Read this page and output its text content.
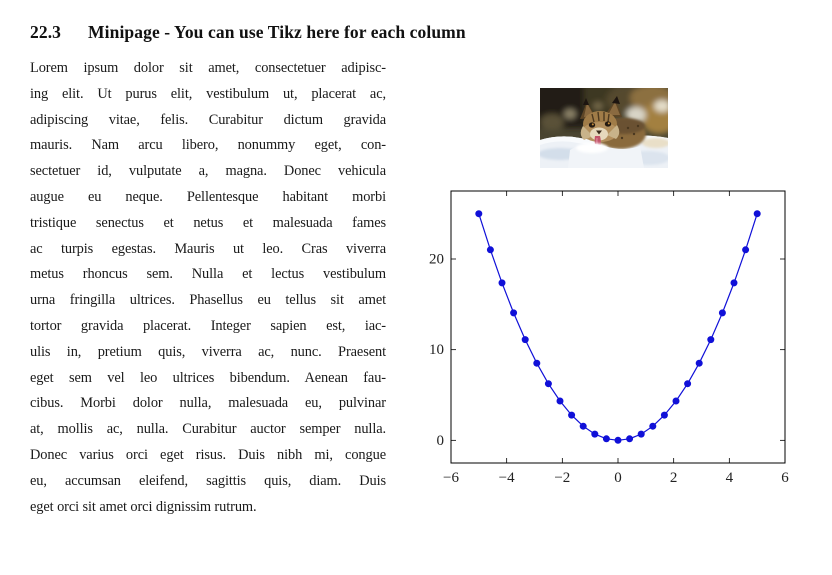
22.3 Minipage - You can use Tikz here for each column
Lorem ipsum dolor sit amet, consectetuer adipisc-
ing elit. Ut purus elit, vestibulum ut, placerat ac,
adipiscing vitae, felis. Curabitur dictum gravida
mauris. Nam arcu libero, nonummy eget, con-
sectetuer id, vulputate a, magna. Donec vehicula
augue eu neque. Pellentesque habitant morbi
tristique senectus et netus et malesuada fames
ac turpis egestas. Mauris ut leo. Cras viverra
metus rhoncus sem. Nulla et lectus vestibulum
urna fringilla ultrices. Phasellus eu tellus sit amet
tortor gravida placerat. Integer sapien est, iac-
ulis in, pretium quis, viverra ac, nunc. Praesent
eget sem vel leo ultrices bibendum. Aenean fau-
cibus. Morbi dolor nulla, malesuada eu, pulvinar
at, mollis ac, nulla. Curabitur auctor semper nulla.
Donec varius orci eget risus. Duis nibh mi, congue
eu, accumsan eleifend, sagittis quis, diam. Duis
eget orci sit amet orci dignissim rutrum.
−6	−4	−2	0	2	4	6
0
10
20
